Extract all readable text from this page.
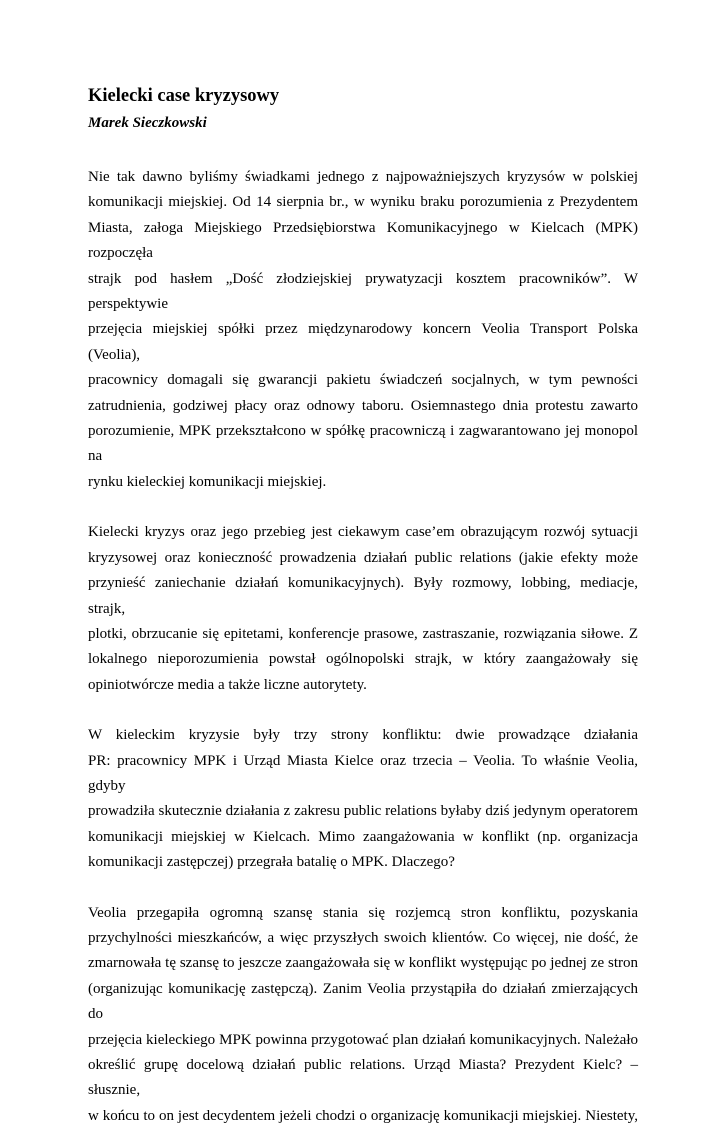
Kielecki case kryzysowy
Marek Sieczkowski
Nie tak dawno byliśmy świadkami jednego z najpoważniejszych kryzysów w polskiej
komunikacji miejskiej. Od 14 sierpnia br., w wyniku braku porozumienia z Prezydentem
Miasta, załoga Miejskiego Przedsiębiorstwa Komunikacyjnego w Kielcach (MPK) rozpoczęła
strajk pod hasłem „Dość złodziejskiej prywatyzacji kosztem pracowników”. W perspektywie
przejęcia miejskiej spółki przez międzynarodowy koncern Veolia Transport Polska (Veolia),
pracownicy domagali się gwarancji pakietu świadczeń socjalnych, w tym pewności
zatrudnienia, godziwej płacy oraz odnowy taboru. Osiemnastego dnia protestu zawarto
porozumienie, MPK przekształcono w spółkę pracowniczą i zagwarantowano jej monopol na
rynku kieleckiej komunikacji miejskiej.
Kielecki kryzys oraz jego przebieg jest ciekawym case’em obrazującym rozwój sytuacji
kryzysowej oraz konieczność prowadzenia działań public relations (jakie efekty może
przynieść zaniechanie działań komunikacyjnych). Były rozmowy, lobbing, mediacje, strajk,
plotki, obrzucanie się epitetami, konferencje prasowe, zastraszanie, rozwiązania siłowe. Z
lokalnego nieporozumienia powstał ogólnopolski strajk, w który zaangażowały się
opiniotwórcze media a także liczne autorytety.
W kieleckim kryzysie były trzy strony konfliktu: dwie prowadzące działania
PR: pracownicy MPK i Urząd Miasta Kielce oraz trzecia – Veolia. To właśnie Veolia, gdyby
prowadziła skutecznie działania z zakresu public relations byłaby dziś jedynym operatorem
komunikacji miejskiej w Kielcach. Mimo zaangażowania w konflikt (np. organizacja
komunikacji zastępczej) przegrała batalię o MPK. Dlaczego?
Veolia przegapiła ogromną szansę stania się rozjemcą stron konfliktu, pozyskania
przychylności mieszkańców, a więc przyszłych swoich klientów. Co więcej, nie dość, że
zmarnowała tę szansę to jeszcze zaangażowała się w konflikt występując po jednej ze stron
(organizując komunikację zastępczą). Zanim Veolia przystąpiła do działań zmierzających do
przejęcia kieleckiego MPK powinna przygotować plan działań komunikacyjnych. Należało
określić grupę docelową działań public relations. Urząd Miasta? Prezydent Kielc? – słusznie,
w końcu to on jest decydentem jeżeli chodzi o organizację komunikacji miejskiej. Niestety,
